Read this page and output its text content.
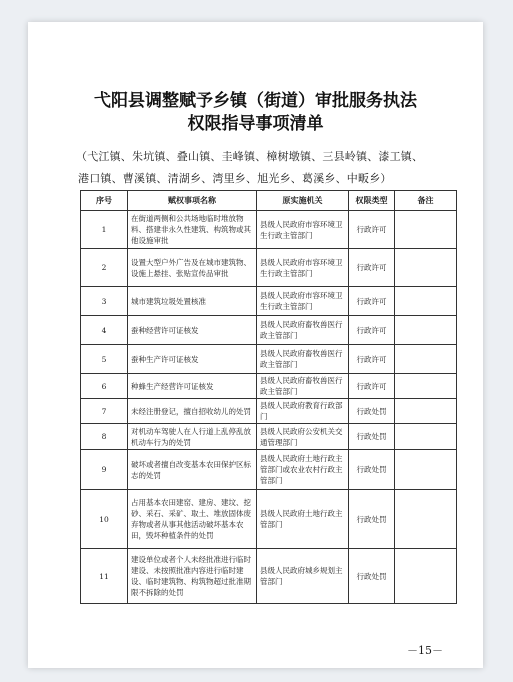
弋阳县调整赋予乡镇（街道）审批服务执法
权限指导事项清单
（弋江镇、朱坑镇、叠山镇、圭峰镇、樟树墩镇、三县岭镇、漆工镇、
港口镇、曹溪镇、清湖乡、湾里乡、旭光乡、葛溪乡、中畈乡）
序号	赋权事项名称	原实施机关	权限类型	备注
1	在街道两侧和公共场地临时堆放物料、搭建非永久性建筑、构筑物或其他设施审批	县级人民政府市容环境卫生行政主管部门	行政许可	
2	设置大型户外广告及在城市建筑物、设施上悬挂、张贴宣传品审批	县级人民政府市容环境卫生行政主管部门	行政许可	
3	城市建筑垃圾处置核准	县级人民政府市容环境卫生行政主管部门	行政许可	
4	蚕种经营许可证核发	县级人民政府畜牧兽医行政主管部门	行政许可	
5	蚕种生产许可证核发	县级人民政府畜牧兽医行政主管部门	行政许可	
6	种蜂生产经营许可证核发	县级人民政府畜牧兽医行政主管部门	行政许可	
7	未经注册登记，擅自招收幼儿的处罚	县级人民政府教育行政部门	行政处罚	
8	对机动车驾驶人在人行道上乱停乱放机动车行为的处罚	县级人民政府公安机关交通管理部门	行政处罚	
9	破坏或者擅自改变基本农田保护区标志的处罚	县级人民政府土地行政主管部门或农业农村行政主管部门	行政处罚	
10	占用基本农田建窑、建房、建坟、挖砂、采石、采矿、取土、堆放固体废弃物或者从事其他活动破坏基本农田，毁坏种植条件的处罚	县级人民政府土地行政主管部门	行政处罚	
11	建设单位或者个人未经批准进行临时建设、未按照批准内容进行临时建设、临时建筑物、构筑物超过批准期限不拆除的处罚	县级人民政府城乡规划主管部门	行政处罚	
－15－
